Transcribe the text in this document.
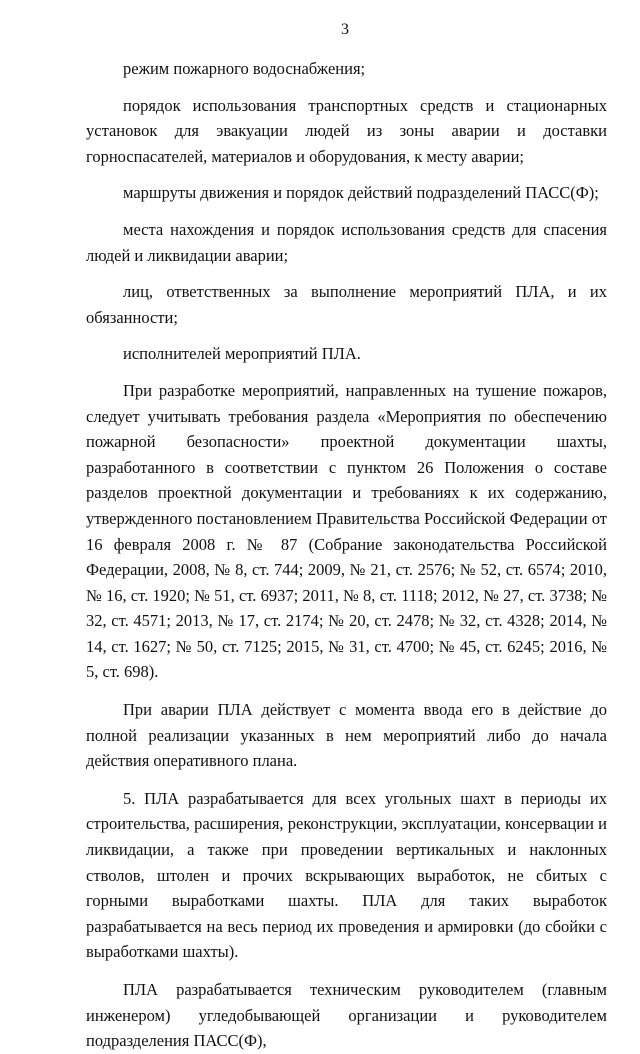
3

режим пожарного водоснабжения;

порядок использования транспортных средств и стационарных установок для эвакуации людей из зоны аварии и доставки горноспасателей, материалов и оборудования, к месту аварии;

маршруты движения и порядок действий подразделений ПАСС(Ф);

места нахождения и порядок использования средств для спасения людей и ликвидации аварии;

лиц, ответственных за выполнение мероприятий ПЛА, и их обязанности;

исполнителей мероприятий ПЛА.

При разработке мероприятий, направленных на тушение пожаров, следует учитывать требования раздела «Мероприятия по обеспечению пожарной безопасности» проектной документации шахты, разработанного в соответствии с пунктом 26 Положения о составе разделов проектной документации и требованиях к их содержанию, утвержденного постановлением Правительства Российской Федерации от 16 февраля 2008 г. № 87 (Собрание законодательства Российской Федерации, 2008, № 8, ст. 744; 2009, № 21, ст. 2576; № 52, ст. 6574; 2010, № 16, ст. 1920; № 51, ст. 6937; 2011, № 8, ст. 1118; 2012, № 27, ст. 3738; № 32, ст. 4571; 2013, № 17, ст. 2174; № 20, ст. 2478; № 32, ст. 4328; 2014, № 14, ст. 1627; № 50, ст. 7125; 2015, № 31, ст. 4700; № 45, ст. 6245; 2016, № 5, ст. 698).

При аварии ПЛА действует с момента ввода его в действие до полной реализации указанных в нем мероприятий либо до начала действия оперативного плана.

5. ПЛА разрабатывается для всех угольных шахт в периоды их строительства, расширения, реконструкции, эксплуатации, консервации и ликвидации, а также при проведении вертикальных и наклонных стволов, штолен и прочих вскрывающих выработок, не сбитых с горными выработками шахты. ПЛА для таких выработок разрабатывается на весь период их проведения и армировки (до сбойки с выработками шахты).

ПЛА разрабатывается техническим руководителем (главным инженером) угледобывающей организации и руководителем подразделения ПАСС(Ф),
